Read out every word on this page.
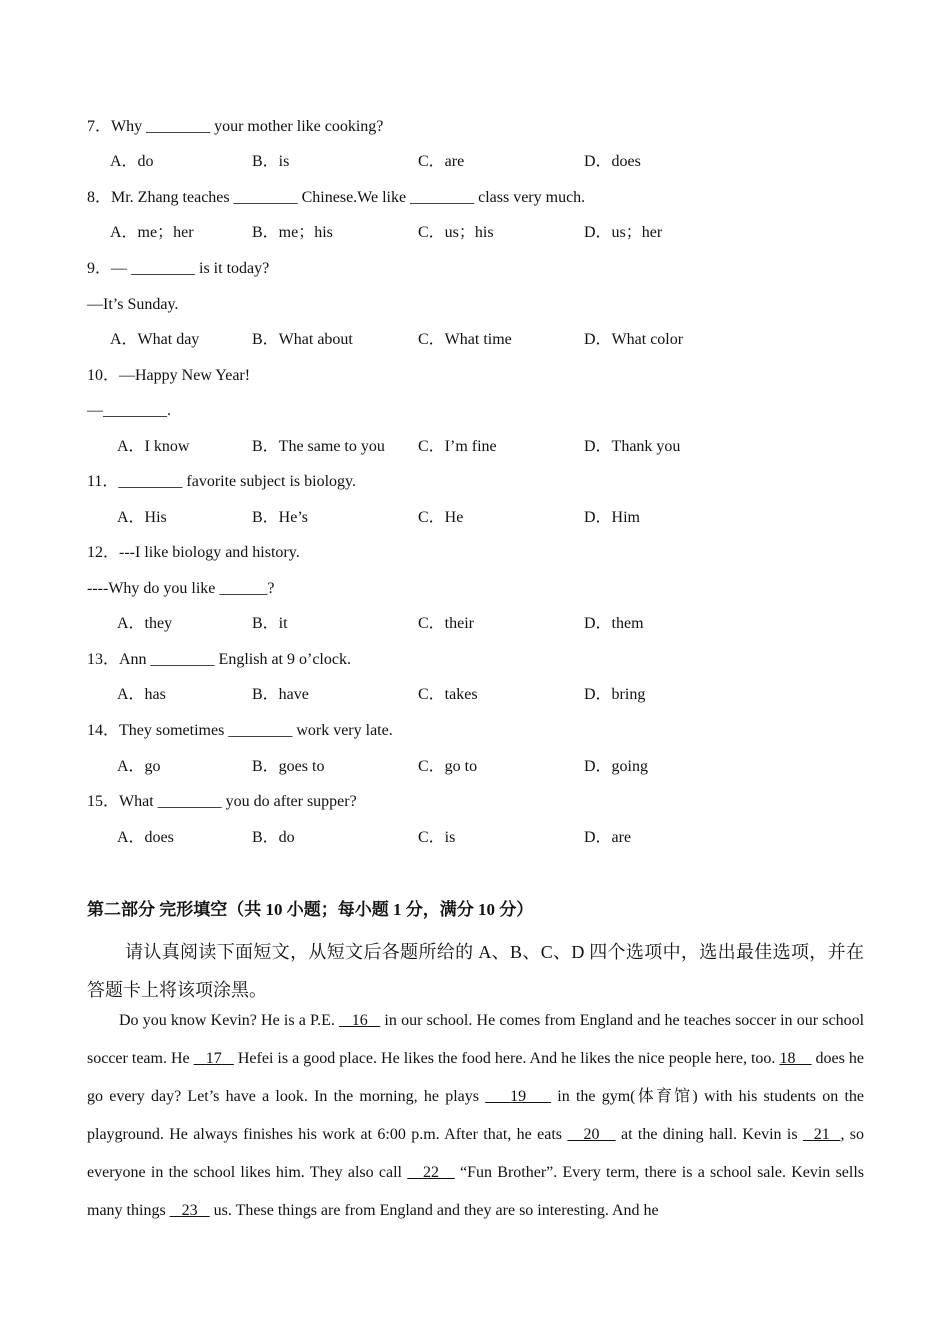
7．Why ________ your mother like cooking?
A．do	B．is	C．are	D．does
8．Mr. Zhang teaches ________ Chinese.We like ________ class very much.
A．me；her	B．me；his	C．us；his	D．us；her
9．— ________ is it today?
—It’s Sunday.
A．What day	B．What about	C．What time	D．What color
10．—Happy New Year!
—________.
A．I know	B．The same to you C．I’m fine	D．Thank you
11．________ favorite subject is biology.
A．His	B．He’s	C．He	D．Him
12．---I like biology and history.
----Why do you like ______?
A．they	B．it	C．their	D．them
13．Ann ________ English at 9 o’clock.
A．has	B．have	C．takes	D．bring
14．They sometimes ________ work very late.
A．go	B．goes to	C．go to	D．going
15．What ________ you do after supper?
A．does	B．do	C．is	D．are
第二部分 完形填空（共 10 小题；每小题 1 分，满分 10 分）
请认真阅读下面短文，从短文后各题所给的 A、B、C、D 四个选项中，选出最佳选项，并在答题卡上将该项涂黑。
Do you know Kevin? He is a P.E.    16    in our school. He comes from England and he teaches soccer in our school soccer team. He    17    Hefei is a good place. He likes the food here. And he likes the nice people here, too. 18     does he go every day? Let’s have a look. In the morning, he plays     19     in the gym(体育馆) with his students on the playground. He always finishes his work at 6:00 p.m. After that, he eats    20    at the dining hall. Kevin is   21 , so everyone in the school likes him. They also call    22    “Fun Brother”. Every term, there is a school sale. Kevin sells many things    23    us. These things are from England and they are so interesting. And he
